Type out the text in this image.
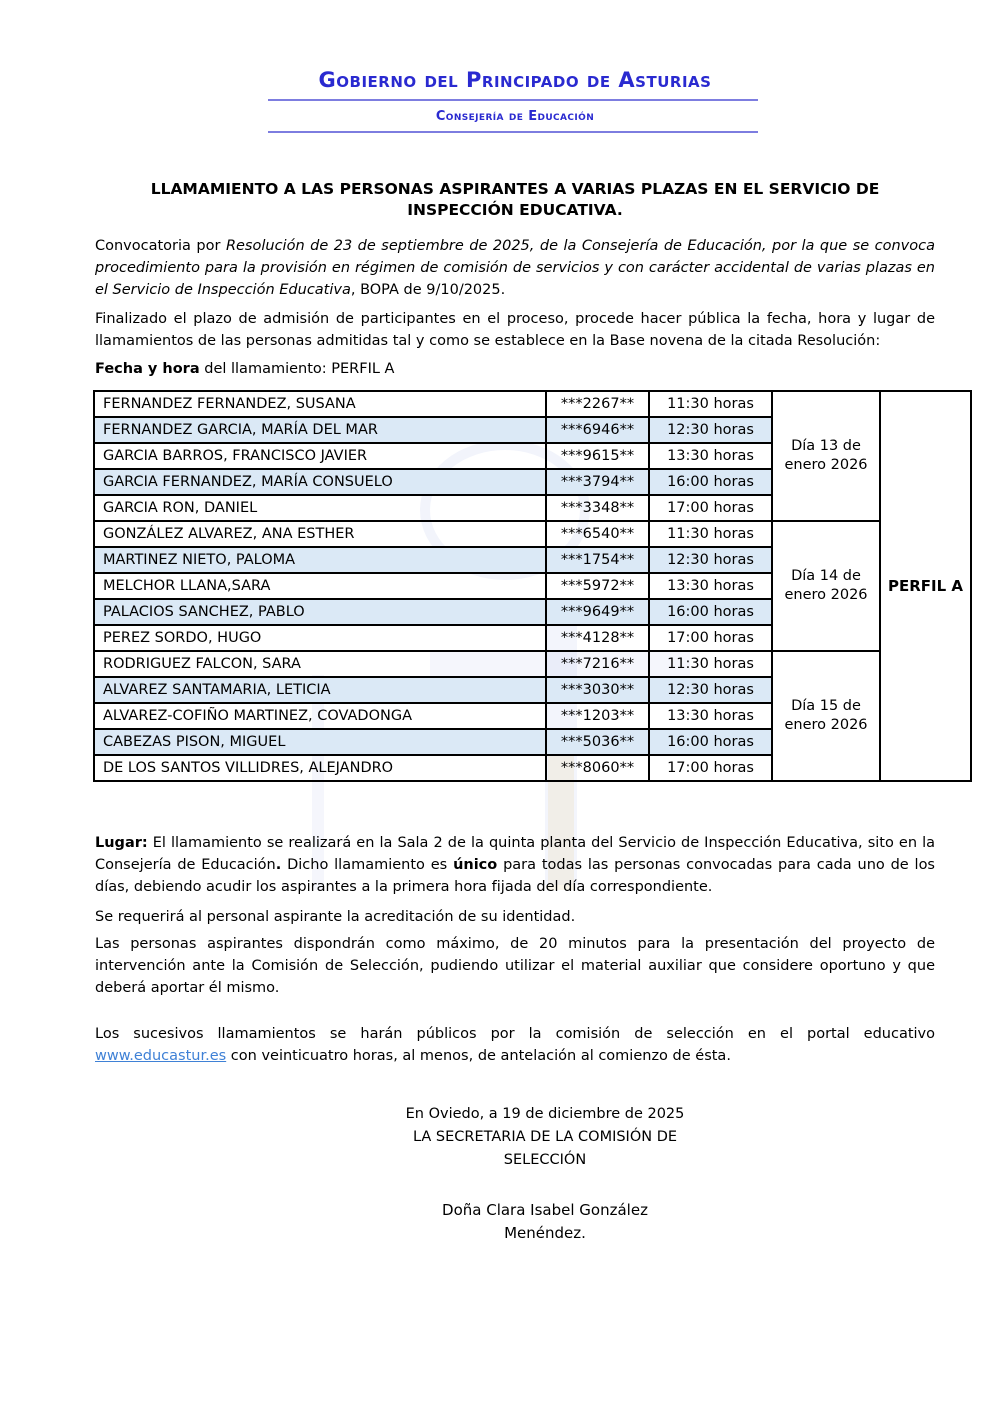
Gobierno del Principado de Asturias
Consejería de Educación
LLAMAMIENTO A LAS PERSONAS ASPIRANTES A VARIAS PLAZAS EN EL SERVICIO DE INSPECCIÓN EDUCATIVA.

Convocatoria por Resolución de 23 de septiembre de 2025, de la Consejería de Educación, por la que se convoca procedimiento para la provisión en régimen de comisión de servicios y con carácter accidental de varias plazas en el Servicio de Inspección Educativa, BOPA de 9/10/2025.

Finalizado el plazo de admisión de participantes en el proceso, procede hacer pública la fecha, hora y lugar de llamamientos de las personas admitidas tal y como se establece en la Base novena de la citada Resolución:

Fecha y hora del llamamiento: PERFIL A

FERNANDEZ FERNANDEZ, SUSANA	***2267**	11:30 horas	Día 13 de
enero 2026	PERFIL A
FERNANDEZ GARCIA, MARÍA DEL MAR	***6946**	12:30 horas		
GARCIA BARROS, FRANCISCO JAVIER	***9615**	13:30 horas		
GARCIA FERNANDEZ, MARÍA CONSUELO	***3794**	16:00 horas		
GARCIA RON, DANIEL	***3348**	17:00 horas		
GONZÁLEZ ALVAREZ, ANA ESTHER	***6540**	11:30 horas	Día 14 de
enero 2026	

MARTINEZ NIETO, PALOMA	***1754**	12:30 horas		
MELCHOR LLANA,SARA	***5972**	13:30 horas		
PALACIOS SANCHEZ, PABLO	***9649**	16:00 horas		
PEREZ SORDO, HUGO	***4128**	17:00 horas		
RODRIGUEZ FALCON, SARA	***7216**	11:30 horas	Día 15 de
enero 2026	

ALVAREZ SANTAMARIA, LETICIA	***3030**	12:30 horas		
ALVAREZ-COFIÑO MARTINEZ, COVADONGA	***1203**	13:30 horas		
CABEZAS PISON, MIGUEL	***5036**	16:00 horas		
DE LOS SANTOS VILLIDRES, ALEJANDRO	***8060**	17:00 horas		

Lugar: El llamamiento se realizará en la Sala 2 de la quinta planta del Servicio de Inspección Educativa, sito en la Consejería de Educación. Dicho llamamiento es único para todas las personas convocadas para cada uno de los días, debiendo acudir los aspirantes a la primera hora fijada del día correspondiente.

Se requerirá al personal aspirante la acreditación de su identidad.

Las personas aspirantes dispondrán como máximo, de 20 minutos para la presentación del proyecto de intervención ante la Comisión de Selección, pudiendo utilizar el material auxiliar que considere oportuno y que deberá aportar él mismo.

Los sucesivos llamamientos se harán públicos por la comisión de selección en el portal educativo www.educastur.es con veinticuatro horas, al menos, de antelación al comienzo de ésta.

En Oviedo, a 19 de diciembre de 2025
LA SECRETARIA DE LA COMISIÓN DE
SELECCIÓN
Doña Clara Isabel González
Menéndez.
